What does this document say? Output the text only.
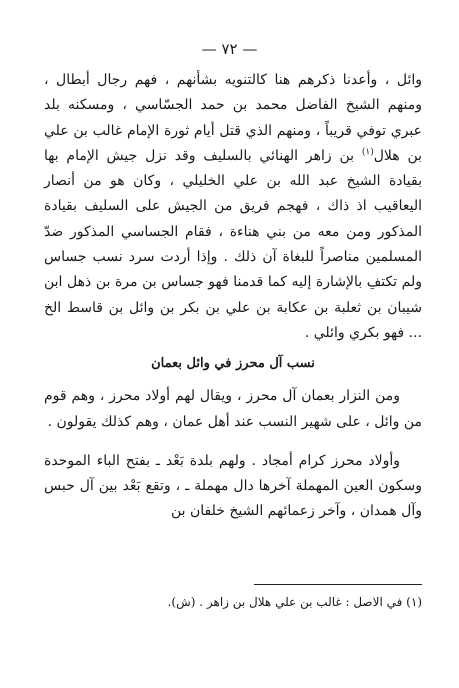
— ٧٢ —

وائل ، وأعدنا ذكرهم هنا كالتنويه بشأنهم ، فهم رجال أبطال ، ومنهم الشيخ الفاضل محمد بن حمد الجسّاسي ، ومسكنه بلد عبري توفي قريباً ، ومنهم الذي قتل أيام ثورة الإمام غالب بن علي بن هلال$^{(١)}$ بن زاهر الهنائي بالسليف وقد نزل جيش الإمام بها بقيادة الشيخ عبد الله بن علي الخليلي ، وكان هو من أنصار اليعاقيب اذ ذاك ، فهجم فريق من الجيش على السليف بقيادة المذكور ومن معه من بني هناءة ، فقام الجساسي المذكور ضدّ المسلمين مناصراً للبغاة آن ذلك . وإذا أردت سرد نسب جساس ولم تكتفِ بالإشارة إليه كما قدمنا فهو جساس بن مرة بن ذهل ابن شيبان بن ثعلبة بن عكابة بن علي بن بكر بن وائل بن قاسط الخ ... فهو بكري وائلي .

نسب آل محرز في وائل بعمان

ومن النزار بعمان آل محرز ، ويقال لهم أولاد محرز ، وهم قوم من وائل ، على شهير النسب عند أهل عمان ، وهم كذلك يقولون .

وأولاد محرز كرام أمجاد . ولهم بلدة بَعْد ـ بفتح الباء الموحدة وسكون العين المهملة آخرها دال مهملة ـ ، وتقع بَعْد بين آل حبس وآل همدان ، وآخر زعمائهم الشيخ خلفان بن

(١) في الاصل : غالب بن علي هلال بن زاهر . (ش).
